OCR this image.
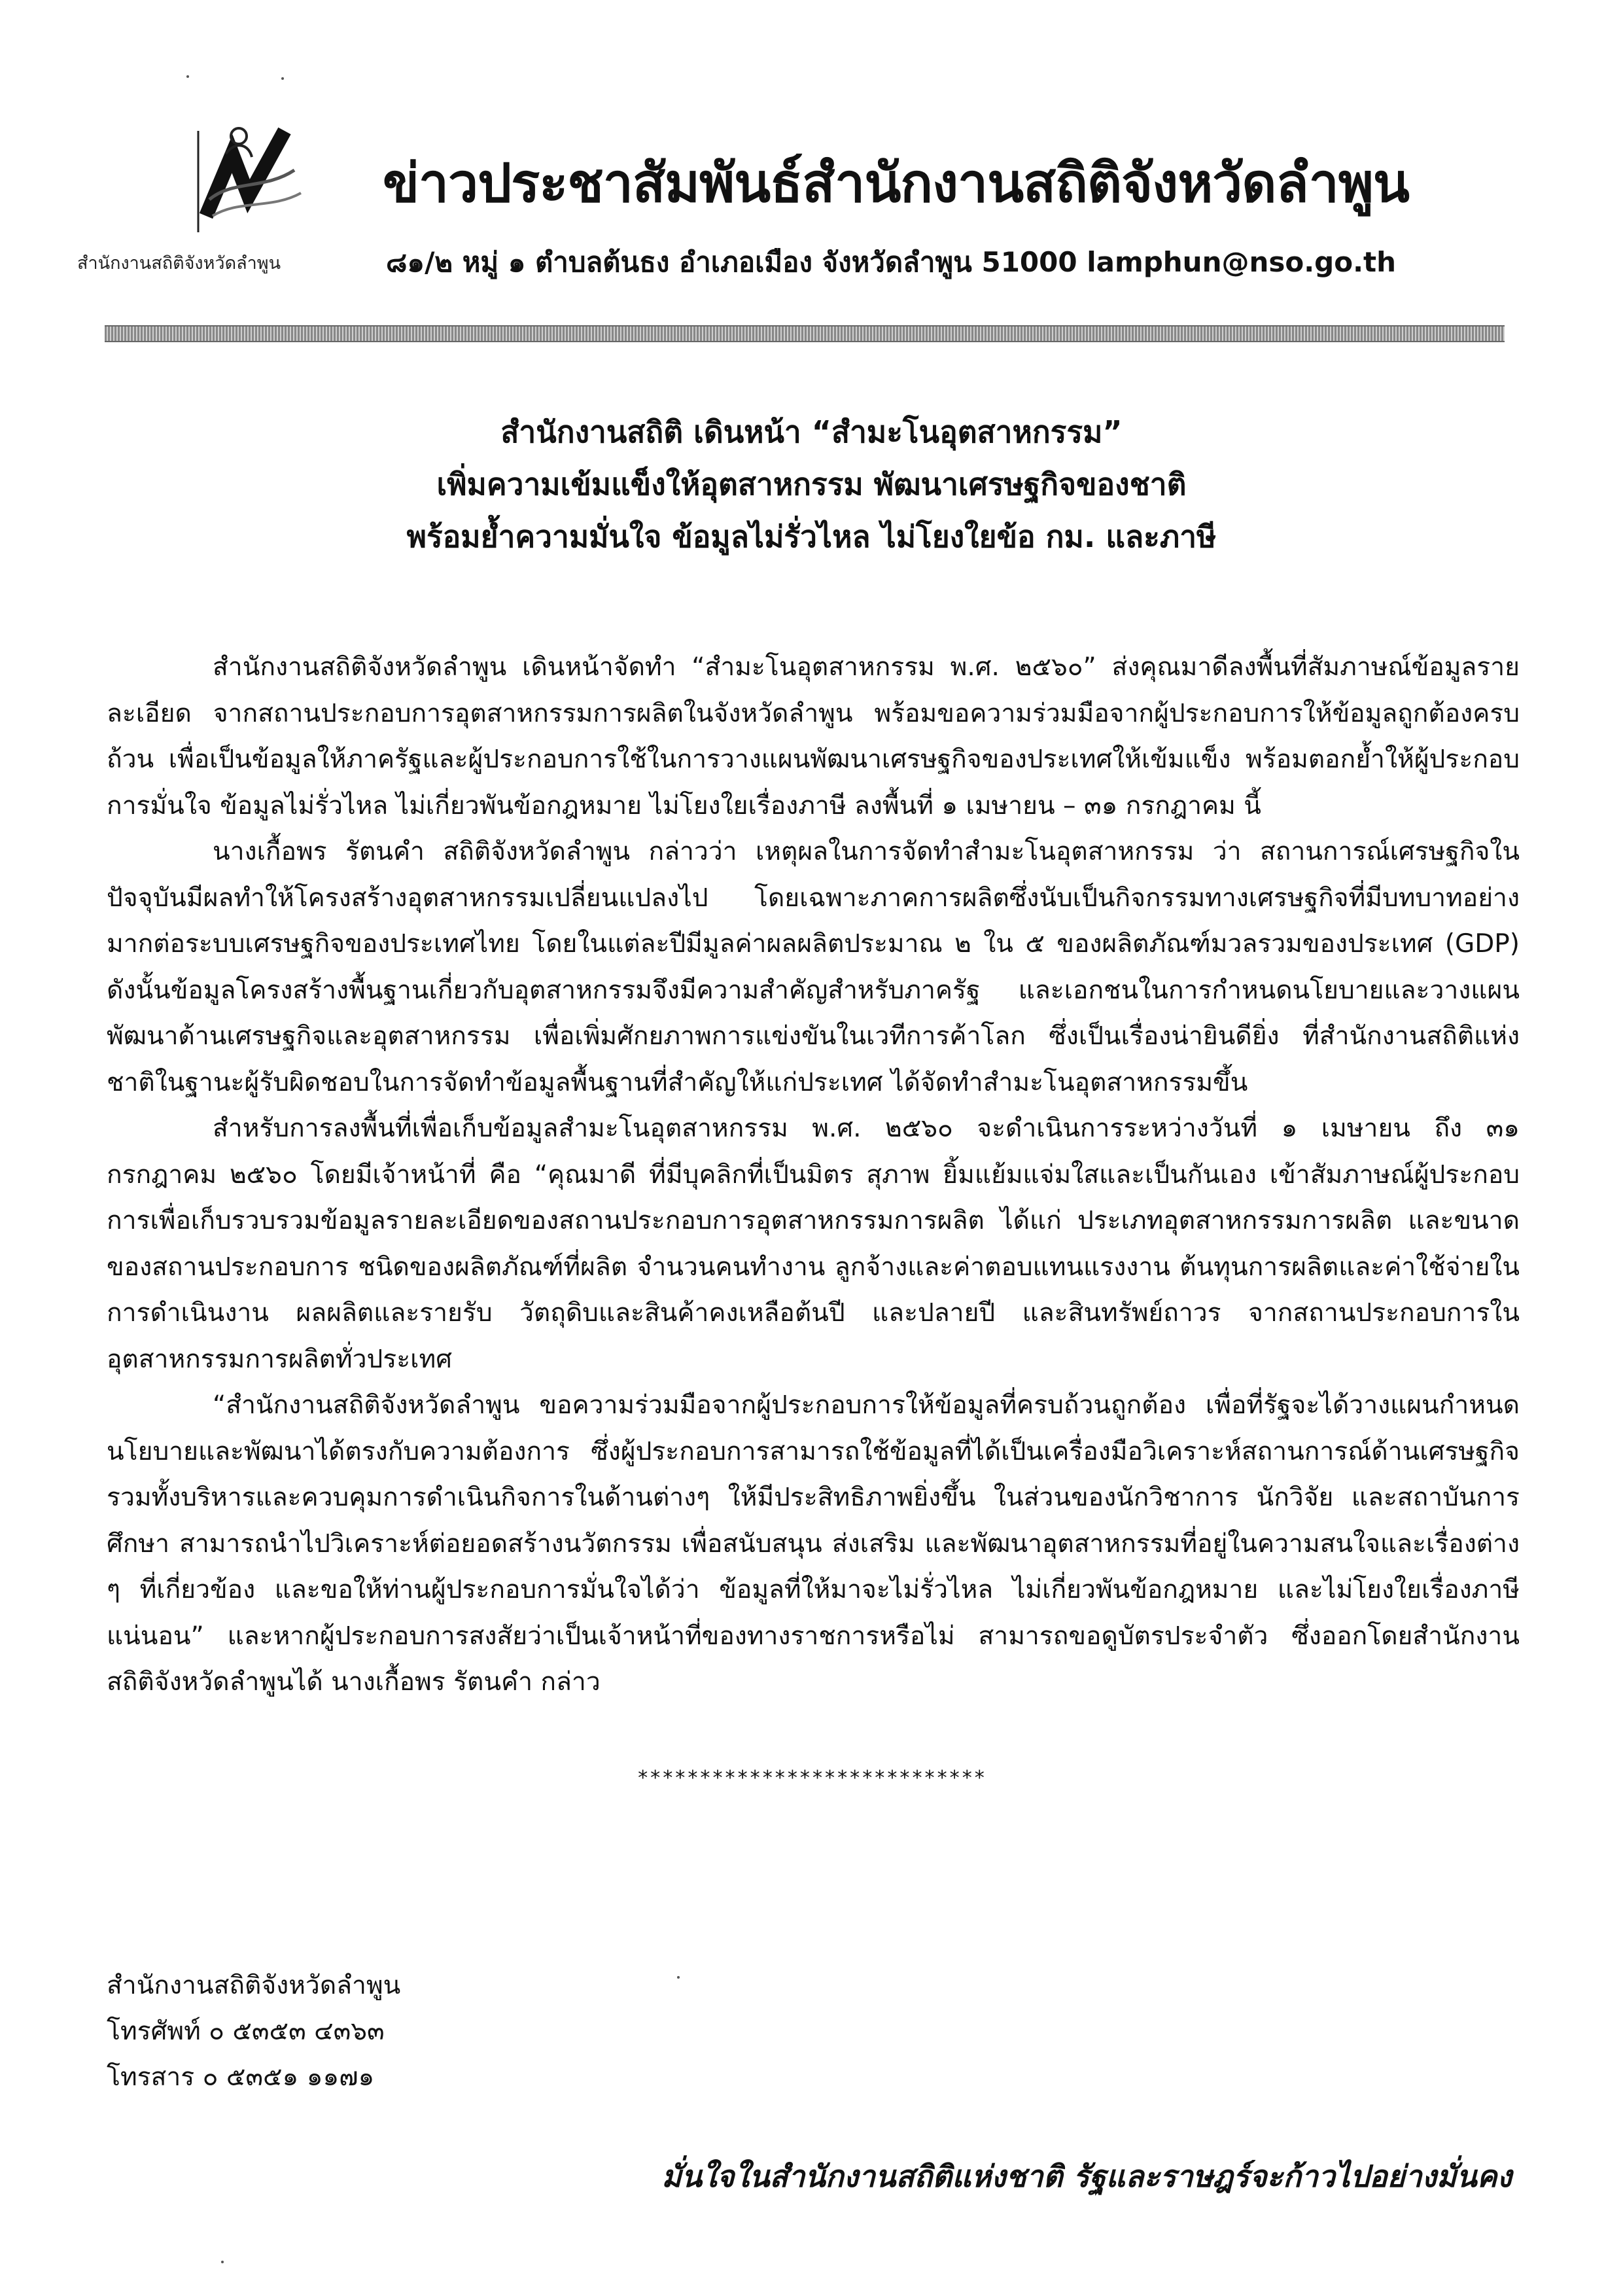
สำนักงานสถิติจังหวัดลำพูน
ข่าวประชาสัมพันธ์สำนักงานสถิติจังหวัดลำพูน
๘๑/๒ หมู่ ๑ ตำบลต้นธง อำเภอเมือง จังหวัดลำพูน 51000 lamphun@nso.go.th
สำนักงานสถิติ เดินหน้า “สำมะโนอุตสาหกรรม”
เพิ่มความเข้มแข็งให้อุตสาหกรรม พัฒนาเศรษฐกิจของชาติ
พร้อมย้ำความมั่นใจ ข้อมูลไม่รั่วไหล ไม่โยงใยข้อ กม. และภาษี

สำนักงานสถิติจังหวัดลำพูน เดินหน้าจัดทำ “สำมะโนอุตสาหกรรม พ.ศ. ๒๕๖๐” ส่งคุณมาดีลงพื้นที่สัมภาษณ์ข้อมูลรายละเอียด จากสถานประกอบการอุตสาหกรรมการผลิตในจังหวัดลำพูน พร้อมขอความร่วมมือจากผู้ประกอบการให้ข้อมูลถูกต้องครบถ้วน เพื่อเป็นข้อมูลให้ภาครัฐและผู้ประกอบการใช้ในการวางแผนพัฒนาเศรษฐกิจของประเทศให้เข้มแข็ง พร้อมตอกย้ำให้ผู้ประกอบการมั่นใจ ข้อมูลไม่รั่วไหล ไม่เกี่ยวพันข้อกฎหมาย ไม่โยงใยเรื่องภาษี ลงพื้นที่ ๑ เมษายน – ๓๑ กรกฎาคม นี้

นางเกื้อพร รัตนคำ สถิติจังหวัดลำพูน กล่าวว่า เหตุผลในการจัดทำสำมะโนอุตสาหกรรม ว่า สถานการณ์เศรษฐกิจในปัจจุบันมีผลทำให้โครงสร้างอุตสาหกรรมเปลี่ยนแปลงไป โดยเฉพาะภาคการผลิตซึ่งนับเป็นกิจกรรมทางเศรษฐกิจที่มีบทบาทอย่างมากต่อระบบเศรษฐกิจของประเทศไทย โดยในแต่ละปีมีมูลค่าผลผลิตประมาณ ๒ ใน ๕ ของผลิตภัณฑ์มวลรวมของประเทศ (GDP) ดังนั้นข้อมูลโครงสร้างพื้นฐานเกี่ยวกับอุตสาหกรรมจึงมีความสำคัญสำหรับภาครัฐ และเอกชนในการกำหนดนโยบายและวางแผนพัฒนาด้านเศรษฐกิจและอุตสาหกรรม เพื่อเพิ่มศักยภาพการแข่งขันในเวทีการค้าโลก ซึ่งเป็นเรื่องน่ายินดียิ่ง ที่สำนักงานสถิติแห่งชาติในฐานะผู้รับผิดชอบในการจัดทำข้อมูลพื้นฐานที่สำคัญให้แก่ประเทศ ได้จัดทำสำมะโนอุตสาหกรรมขึ้น

สำหรับการลงพื้นที่เพื่อเก็บข้อมูลสำมะโนอุตสาหกรรม พ.ศ. ๒๕๖๐ จะดำเนินการระหว่างวันที่ ๑ เมษายน ถึง ๓๑ กรกฎาคม ๒๕๖๐ โดยมีเจ้าหน้าที่ คือ “คุณมาดี ที่มีบุคลิกที่เป็นมิตร สุภาพ ยิ้มแย้มแจ่มใสและเป็นกันเอง เข้าสัมภาษณ์ผู้ประกอบการเพื่อเก็บรวบรวมข้อมูลรายละเอียดของสถานประกอบการอุตสาหกรรมการผลิต ได้แก่ ประเภทอุตสาหกรรมการผลิต และขนาดของสถานประกอบการ ชนิดของผลิตภัณฑ์ที่ผลิต จำนวนคนทำงาน ลูกจ้างและค่าตอบแทนแรงงาน ต้นทุนการผลิตและค่าใช้จ่ายในการดำเนินงาน ผลผลิตและรายรับ วัตถุดิบและสินค้าคงเหลือต้นปี และปลายปี และสินทรัพย์ถาวร จากสถานประกอบการในอุตสาหกรรมการผลิตทั่วประเทศ

“สำนักงานสถิติจังหวัดลำพูน ขอความร่วมมือจากผู้ประกอบการให้ข้อมูลที่ครบถ้วนถูกต้อง เพื่อที่รัฐจะได้วางแผนกำหนดนโยบายและพัฒนาได้ตรงกับความต้องการ ซึ่งผู้ประกอบการสามารถใช้ข้อมูลที่ได้เป็นเครื่องมือวิเคราะห์สถานการณ์ด้านเศรษฐกิจ รวมทั้งบริหารและควบคุมการดำเนินกิจการในด้านต่างๆ ให้มีประสิทธิภาพยิ่งขึ้น ในส่วนของนักวิชาการ นักวิจัย และสถาบันการศึกษา สามารถนำไปวิเคราะห์ต่อยอดสร้างนวัตกรรม เพื่อสนับสนุน ส่งเสริม และพัฒนาอุตสาหกรรมที่อยู่ในความสนใจและเรื่องต่าง ๆ ที่เกี่ยวข้อง และขอให้ท่านผู้ประกอบการมั่นใจได้ว่า ข้อมูลที่ให้มาจะไม่รั่วไหล ไม่เกี่ยวพันข้อกฎหมาย และไม่โยงใยเรื่องภาษีแน่นอน” และหากผู้ประกอบการสงสัยว่าเป็นเจ้าหน้าที่ของทางราชการหรือไม่ สามารถขอดูบัตรประจำตัว ซึ่งออกโดยสำนักงานสถิติจังหวัดลำพูนได้ นางเกื้อพร รัตนคำ กล่าว

****************************
สำนักงานสถิติจังหวัดลำพูน
โทรศัพท์ ๐ ๕๓๕๓ ๔๓๖๓
โทรสาร ๐ ๕๓๕๑ ๑๑๗๑
มั่นใจในสำนักงานสถิติแห่งชาติ รัฐและราษฎร์จะก้าวไปอย่างมั่นคง
